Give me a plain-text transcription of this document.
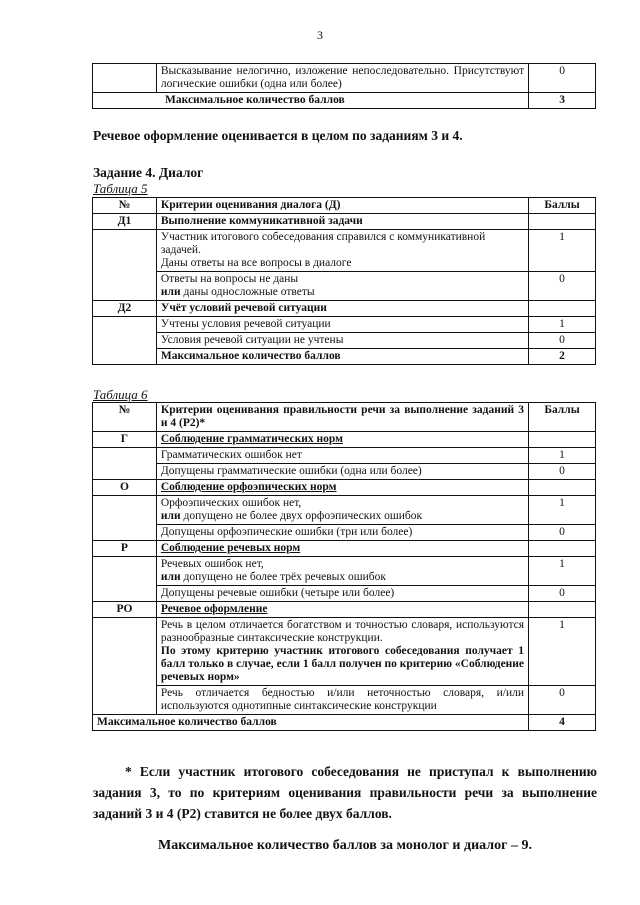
3
	Высказывание нелогично, изложение непоследовательно. Присутствуют логические ошибки (одна или более)	0
Максимальное количество баллов		3
Речевое оформление оценивается в целом по заданиям 3 и 4.
Задание 4. Диалог
Таблица 5
№	Критерии оценивания диалога (Д)	Баллы
Д1	Выполнение коммуникативной задачи	
	Участник итогового собеседования справился с коммуникативной задачей.
Даны ответы на все вопросы в диалоге	1
	Ответы на вопросы не даны
или даны односложные ответы	0
Д2	Учёт условий речевой ситуации	
	Учтены условия речевой ситуации	1
	Условия речевой ситуации не учтены	0
	Максимальное количество баллов	2
Таблица 6
№	Критерии оценивания правильности речи за выполнение заданий 3 и 4 (Р2)*	Баллы
Г	Соблюдение грамматических норм	
	Грамматических ошибок нет	1
	Допущены грамматические ошибки (одна или более)	0
О	Соблюдение орфоэпических норм	
	Орфоэпических ошибок нет,
или допущено не более двух орфоэпических ошибок	1
	Допущены орфоэпические ошибки (три или более)	0
Р	Соблюдение речевых норм	
	Речевых ошибок нет,
или допущено не более трёх речевых ошибок	1
	Допущены речевые ошибки (четыре или более)	0
РО	Речевое оформление	

	Речь в целом отличается богатством и точностью словаря, используются разнообразные синтаксические конструкции.
По этому критерию участник итогового собеседования получает 1 балл только в случае, если 1 балл получен по критерию «Соблюдение речевых норм»	1
	Речь отличается бедностью и/или неточностью словаря, и/или используются однотипные синтаксические конструкции	0
Максимальное количество баллов		4
* Если участник итогового собеседования не приступал к выполнению задания 3, то по критериям оценивания правильности речи за выполнение заданий 3 и 4 (Р2) ставится не более двух баллов.
Максимальное количество баллов за монолог и диалог – 9.
